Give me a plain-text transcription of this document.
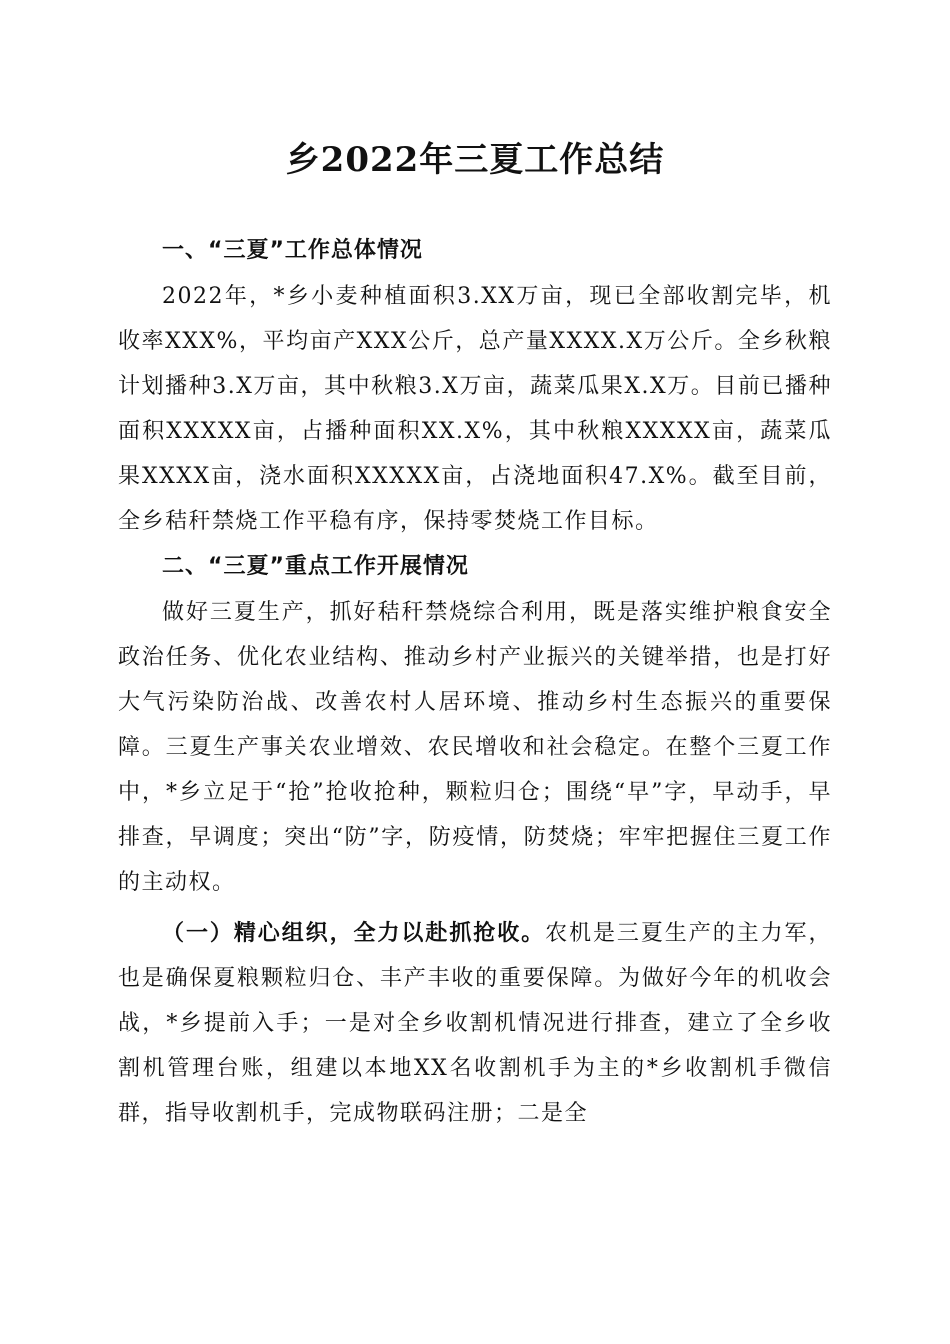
乡2022年三夏工作总结

一、“三夏”工作总体情况

2022年，*乡小麦种植面积3.XX万亩，现已全部收割完毕，机收率XXX%，平均亩产XXX公斤，总产量XXXX.X万公斤。全乡秋粮计划播种3.X万亩，其中秋粮3.X万亩，蔬菜瓜果X.X万。目前已播种面积XXXXX亩，占播种面积XX.X%，其中秋粮XXXXX亩，蔬菜瓜果XXXX亩，浇水面积XXXXX亩，占浇地面积47.X%。截至目前，全乡秸秆禁烧工作平稳有序，保持零焚烧工作目标。

二、“三夏”重点工作开展情况

做好三夏生产，抓好秸秆禁烧综合利用，既是落实维护粮食安全政治任务、优化农业结构、推动乡村产业振兴的关键举措，也是打好大气污染防治战、改善农村人居环境、推动乡村生态振兴的重要保障。三夏生产事关农业增效、农民增收和社会稳定。在整个三夏工作中，*乡立足于“抢”抢收抢种，颗粒归仓；围绕“早”字，早动手，早排查，早调度；突出“防”字，防疫情，防焚烧；牢牢把握住三夏工作的主动权。

（一）精心组织，全力以赴抓抢收。农机是三夏生产的主力军，也是确保夏粮颗粒归仓、丰产丰收的重要保障。为做好今年的机收会战，*乡提前入手；一是对全乡收割机情况进行排查，建立了全乡收割机管理台账，组建以本地XX名收割机手为主的*乡收割机手微信群，指导收割机手，完成物联码注册；二是全
